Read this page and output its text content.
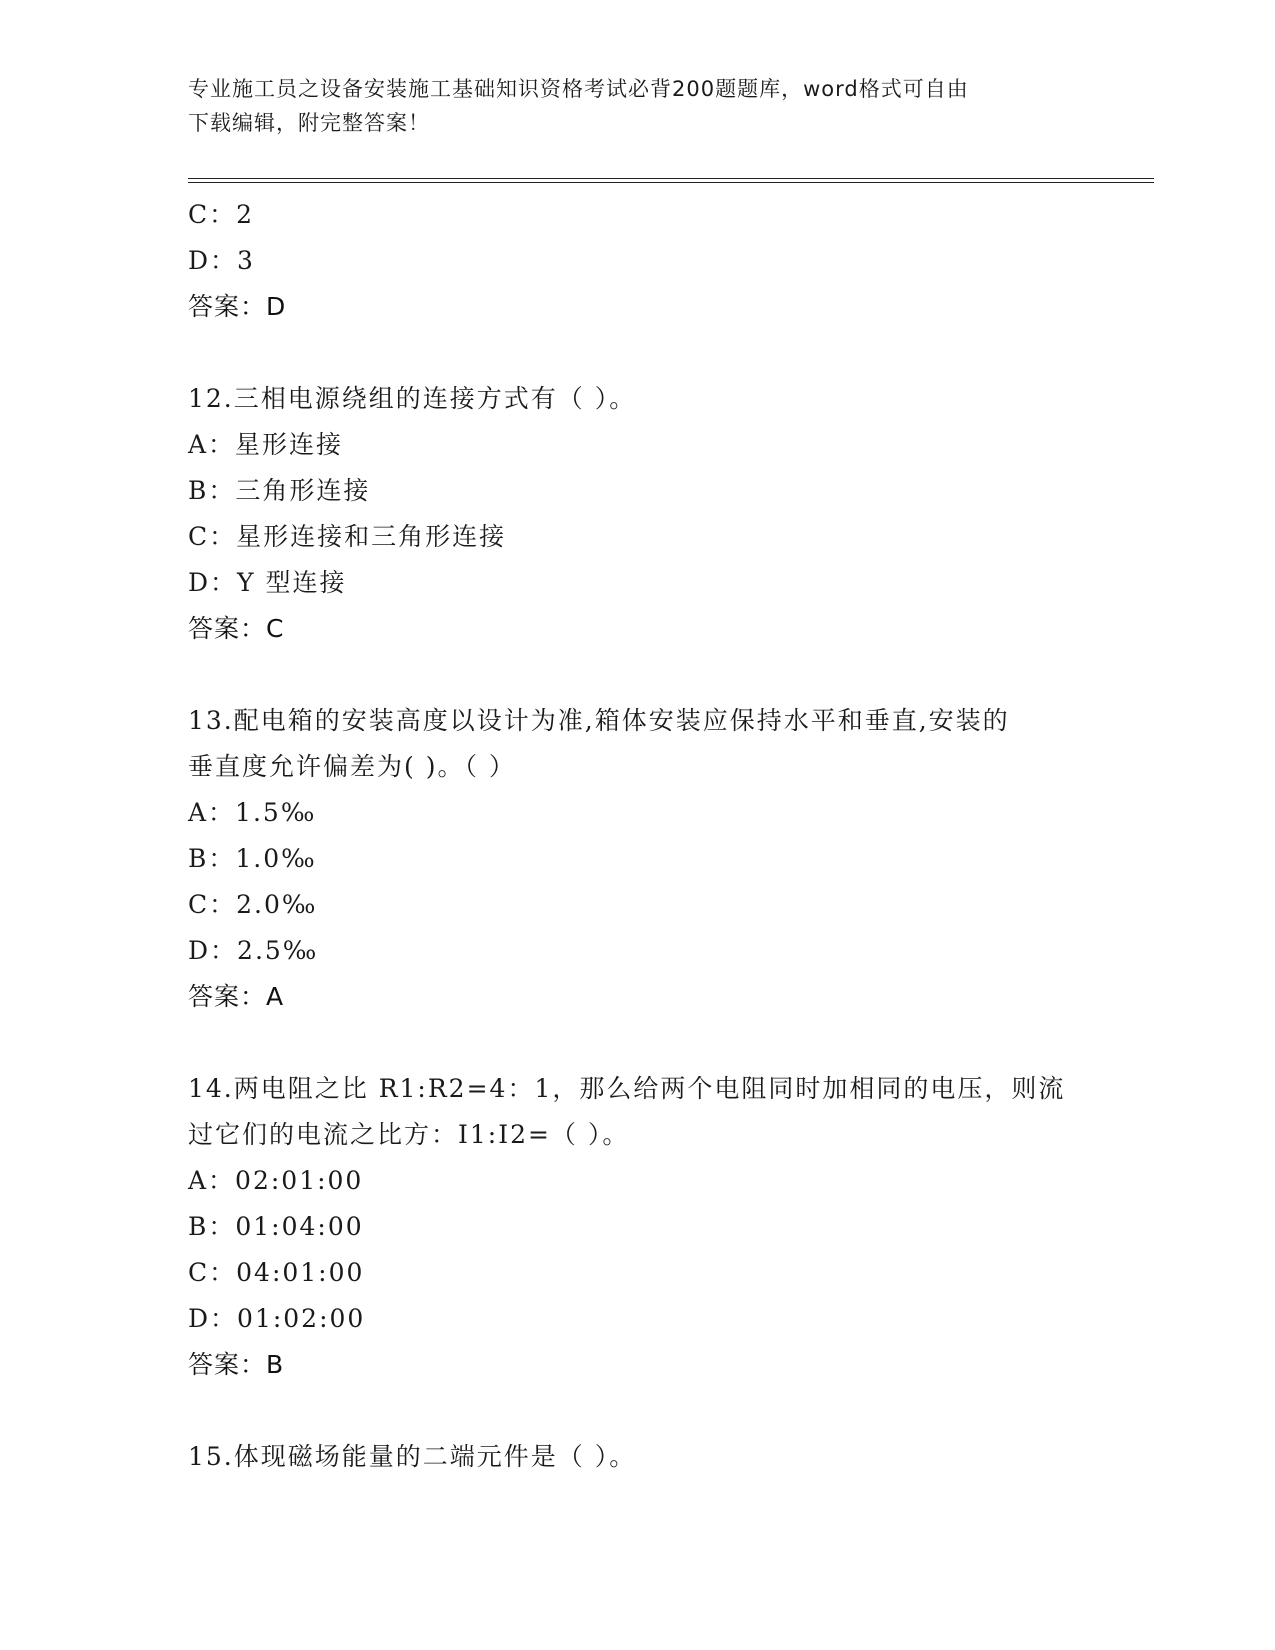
专业施工员之设备安装施工基础知识资格考试必背200题题库，word格式可自由
下载编辑，附完整答案！
C：2
D：3
答案：D
12.三相电源绕组的连接方式有（ ）。
A：星形连接
B：三角形连接
C：星形连接和三角形连接
D：Y 型连接
答案：C
13.配电箱的安装高度以设计为准,箱体安装应保持水平和垂直,安装的
垂直度允许偏差为( )。（ ）
A：1.5‰
B：1.0‰
C：2.0‰
D：2.5‰
答案：A
14.两电阻之比 R1:R2=4：1，那么给两个电阻同时加相同的电压，则流
过它们的电流之比方：I1:I2=（ ）。
A：02:01:00
B：01:04:00
C：04:01:00
D：01:02:00
答案：B
15.体现磁场能量的二端元件是（ ）。
